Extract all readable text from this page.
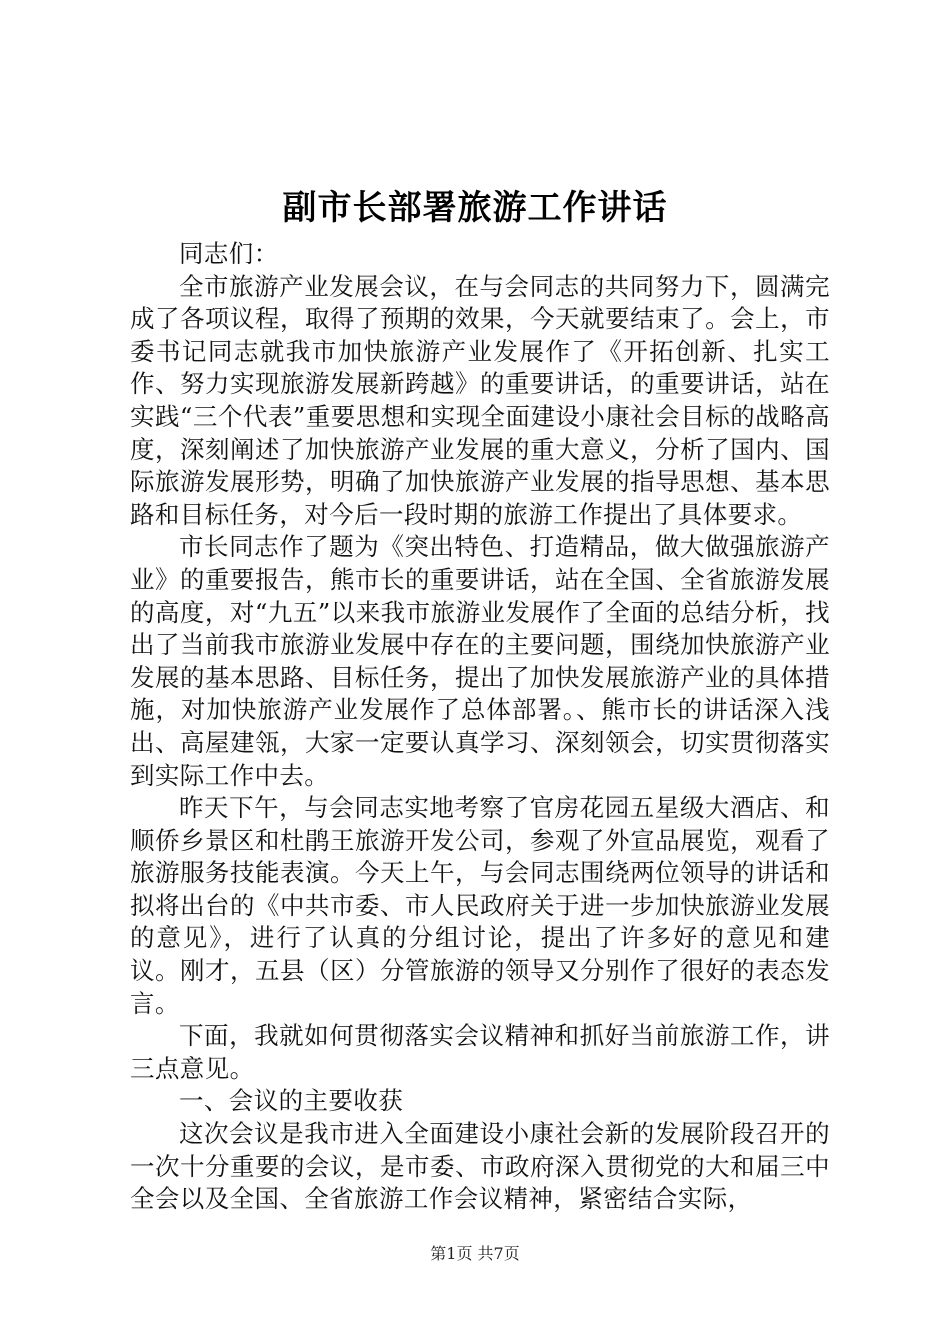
副市长部署旅游工作讲话

同志们：

全市旅游产业发展会议，在与会同志的共同努力下，圆满完成了各项议程，取得了预期的效果，今天就要结束了。会上，市委书记同志就我市加快旅游产业发展作了《开拓创新、扎实工作、努力实现旅游发展新跨越》的重要讲话，的重要讲话，站在实践“三个代表”重要思想和实现全面建设小康社会目标的战略高度，深刻阐述了加快旅游产业发展的重大意义，分析了国内、国际旅游发展形势，明确了加快旅游产业发展的指导思想、基本思路和目标任务，对今后一段时期的旅游工作提出了具体要求。

市长同志作了题为《突出特色、打造精品，做大做强旅游产业》的重要报告，熊市长的重要讲话，站在全国、全省旅游发展的高度，对“九五”以来我市旅游业发展作了全面的总结分析，找出了当前我市旅游业发展中存在的主要问题，围绕加快旅游产业发展的基本思路、目标任务，提出了加快发展旅游产业的具体措施，对加快旅游产业发展作了总体部署。、熊市长的讲话深入浅出、高屋建瓴，大家一定要认真学习、深刻领会，切实贯彻落实到实际工作中去。

昨天下午，与会同志实地考察了官房花园五星级大酒店、和顺侨乡景区和杜鹃王旅游开发公司，参观了外宣品展览，观看了旅游服务技能表演。今天上午，与会同志围绕两位领导的讲话和拟将出台的《中共市委、市人民政府关于进一步加快旅游业发展的意见》，进行了认真的分组讨论，提出了许多好的意见和建议。刚才，五县（区）分管旅游的领导又分别作了很好的表态发言。

下面，我就如何贯彻落实会议精神和抓好当前旅游工作，讲三点意见。

一、会议的主要收获

这次会议是我市进入全面建设小康社会新的发展阶段召开的一次十分重要的会议，是市委、市政府深入贯彻党的大和届三中全会以及全国、全省旅游工作会议精神，紧密结合实际，

第1页 共7页
